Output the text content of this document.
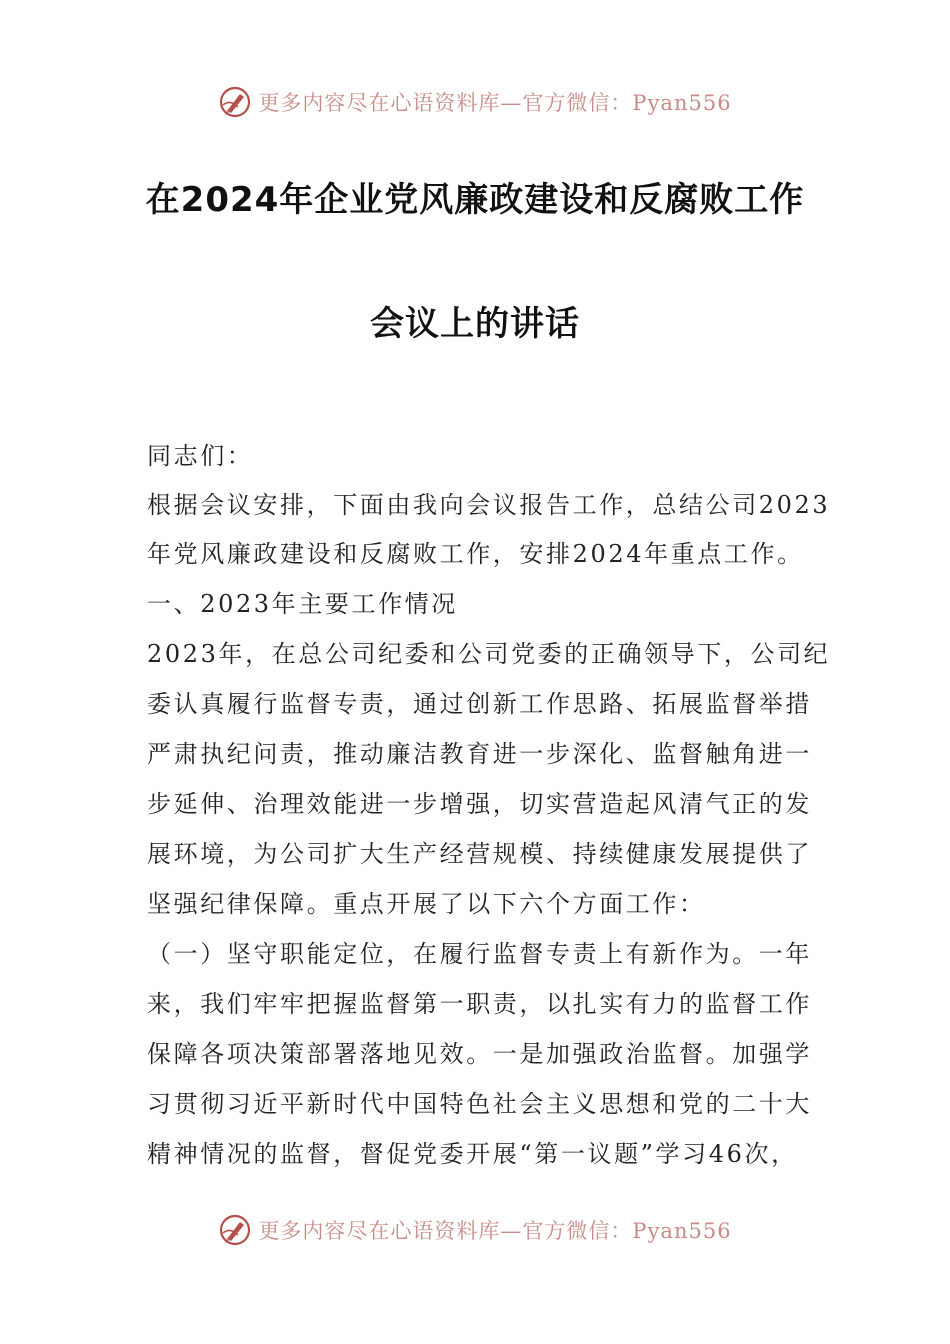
更多内容尽在心语资料库—官方微信：Pyan556
在2024年企业党风廉政建设和反腐败工作
会议上的讲话
同志们：
根据会议安排，下面由我向会议报告工作，总结公司2023
年党风廉政建设和反腐败工作，安排2024年重点工作。
一、2023年主要工作情况
2023年，在总公司纪委和公司党委的正确领导下，公司纪
委认真履行监督专责，通过创新工作思路、拓展监督举措
严肃执纪问责，推动廉洁教育进一步深化、监督触角进一
步延伸、治理效能进一步增强，切实营造起风清气正的发
展环境，为公司扩大生产经营规模、持续健康发展提供了
坚强纪律保障。重点开展了以下六个方面工作：
（一）坚守职能定位，在履行监督专责上有新作为。一年
来，我们牢牢把握监督第一职责，以扎实有力的监督工作
保障各项决策部署落地见效。一是加强政治监督。加强学
习贯彻习近平新时代中国特色社会主义思想和党的二十大
精神情况的监督，督促党委开展“第一议题”学习46次，
更多内容尽在心语资料库—官方微信：Pyan556
